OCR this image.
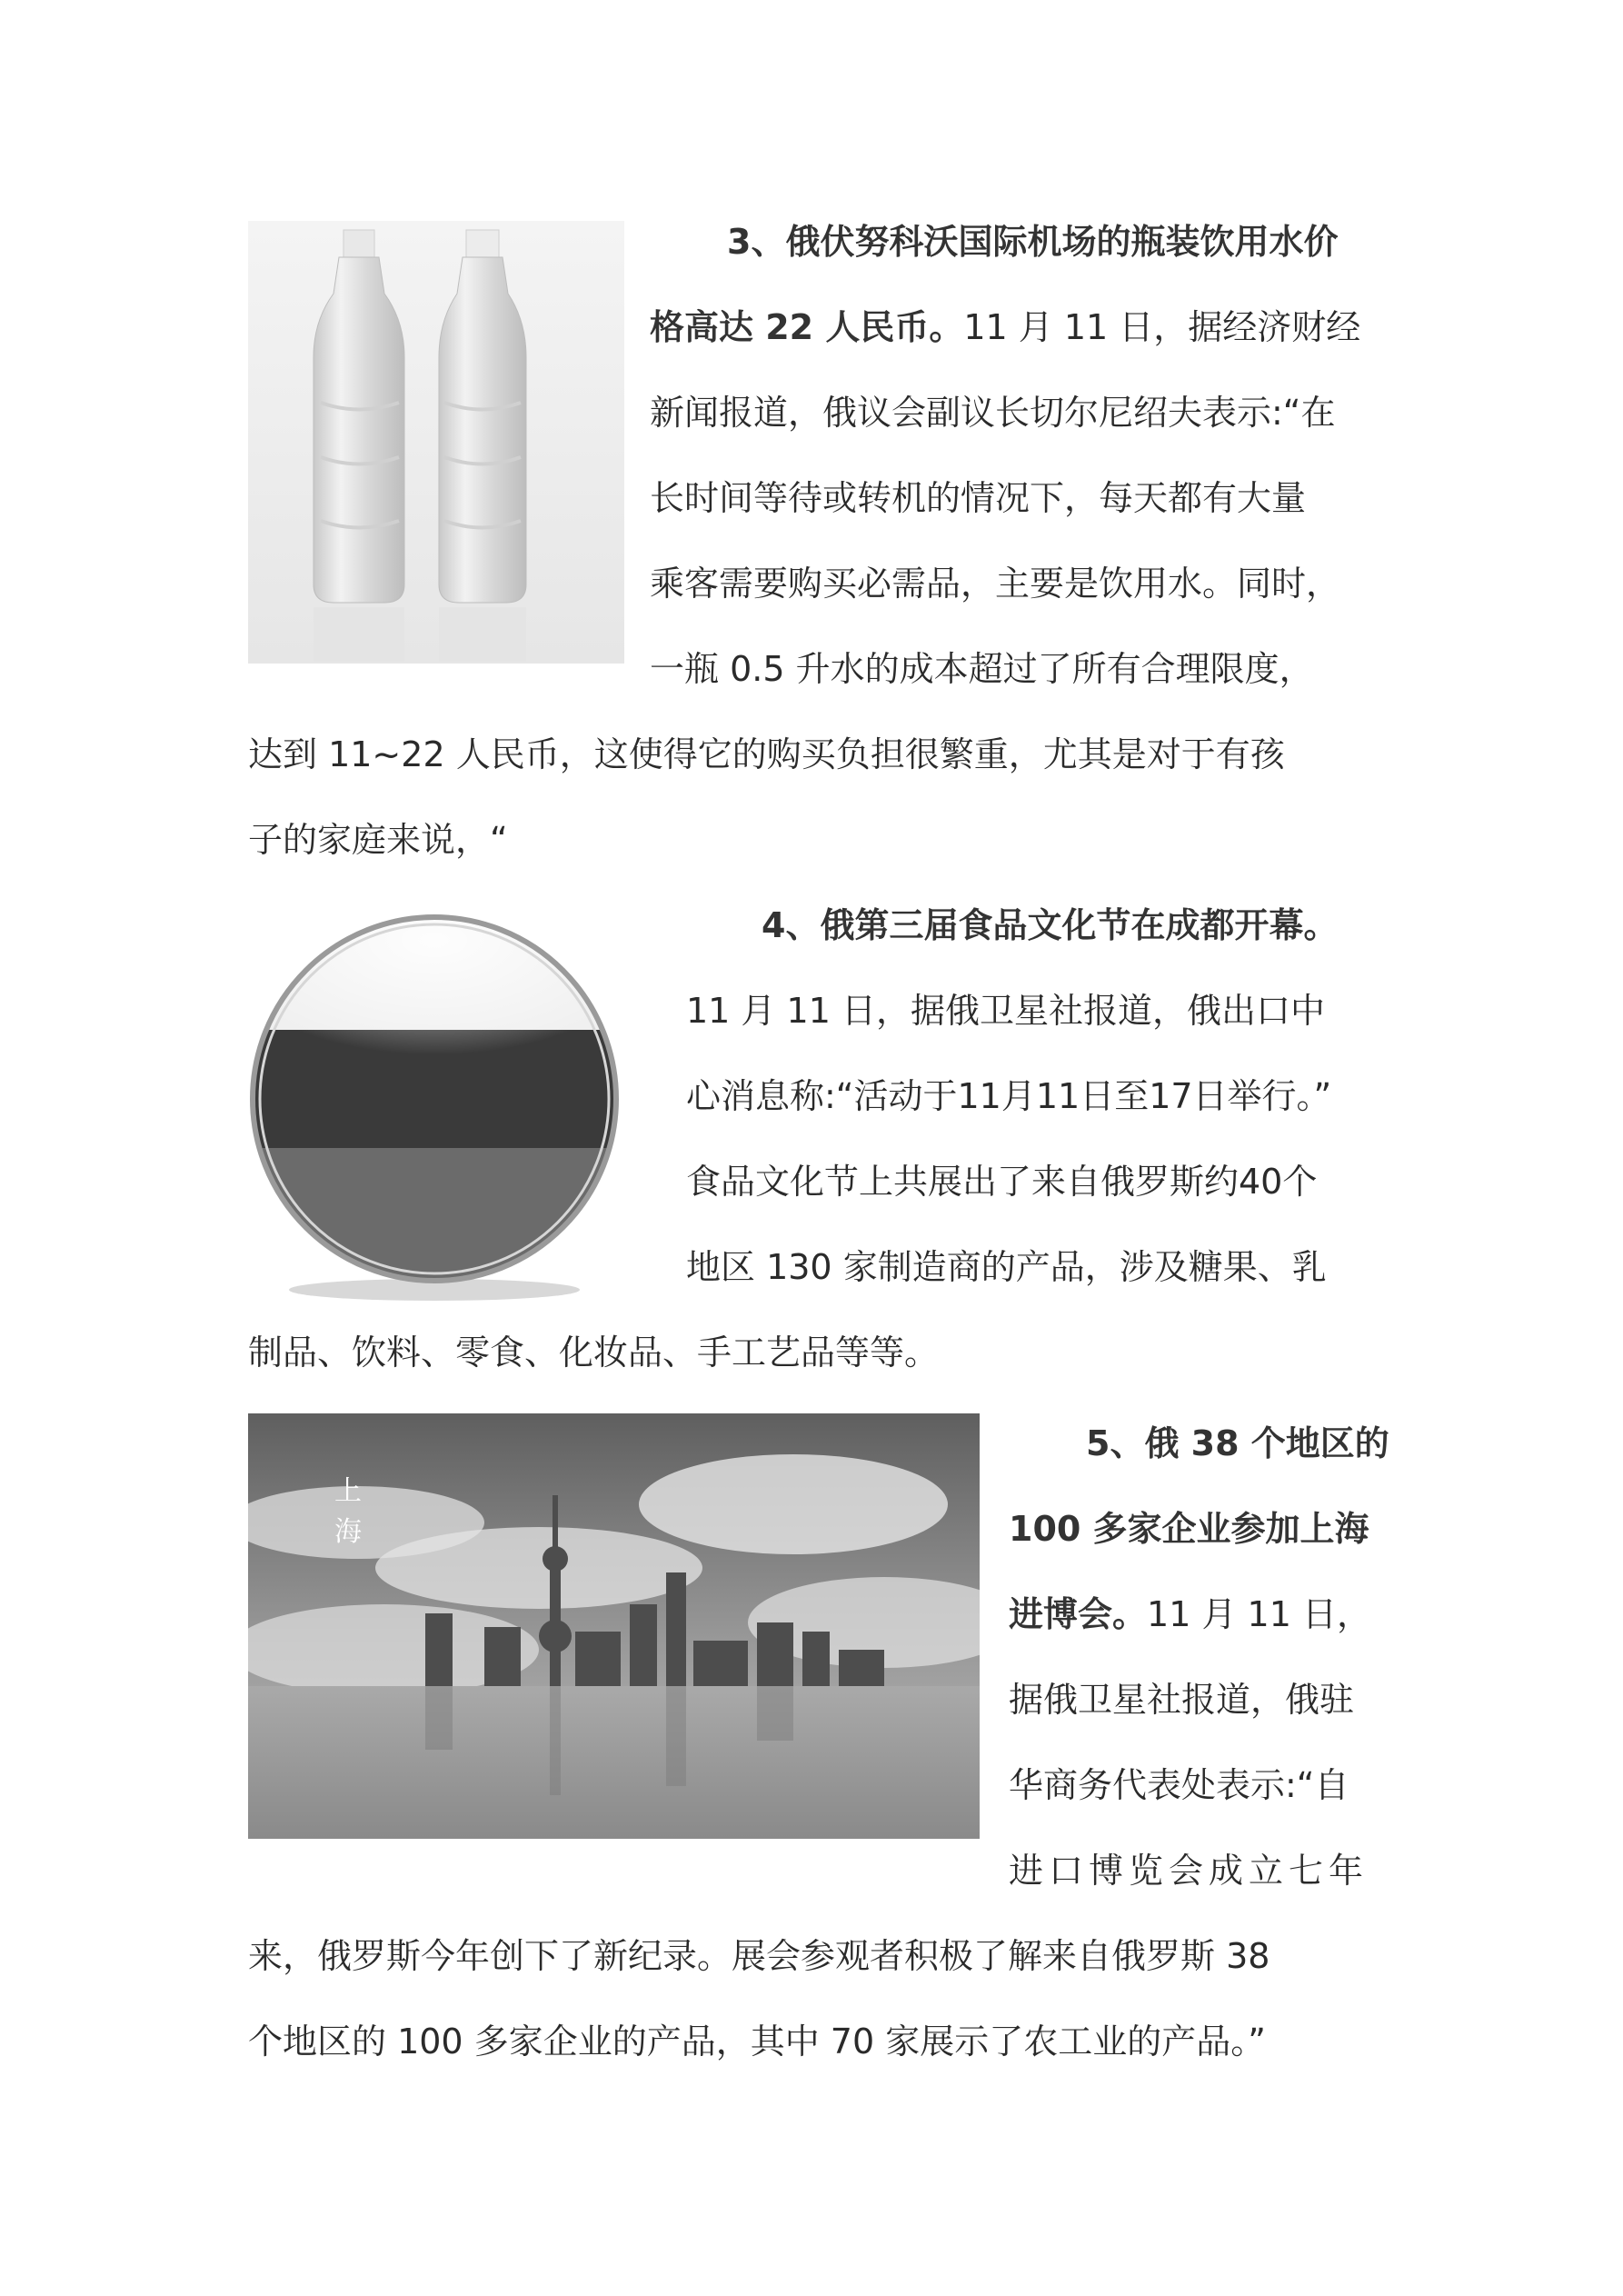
3、俄伏努科沃国际机场的瓶装饮用水价
格高达 22 人民币。11 月 11 日，据经济财经
新闻报道，俄议会副议长切尔尼绍夫表示:“在
长时间等待或转机的情况下，每天都有大量
乘客需要购买必需品，主要是饮用水。同时，
一瓶 0.5 升水的成本超过了所有合理限度，
达到 11~22 人民币，这使得它的购买负担很繁重，尤其是对于有孩
子的家庭来说，“
4、俄第三届食品文化节在成都开幕。
11 月 11 日，据俄卫星社报道，俄出口中
心消息称:“活动于11月11日至17日举行。”
食品文化节上共展出了来自俄罗斯约40个
地区 130 家制造商的产品，涉及糖果、乳
制品、饮料、零食、化妆品、手工艺品等等。
上
海
5、俄 38 个地区的
100 多家企业参加上海
进博会。11 月 11 日，
据俄卫星社报道，俄驻
华商务代表处表示:“自
进口博览会成立七年
来，俄罗斯今年创下了新纪录。展会参观者积极了解来自俄罗斯 38
个地区的 100 多家企业的产品，其中 70 家展示了农工业的产品。”
